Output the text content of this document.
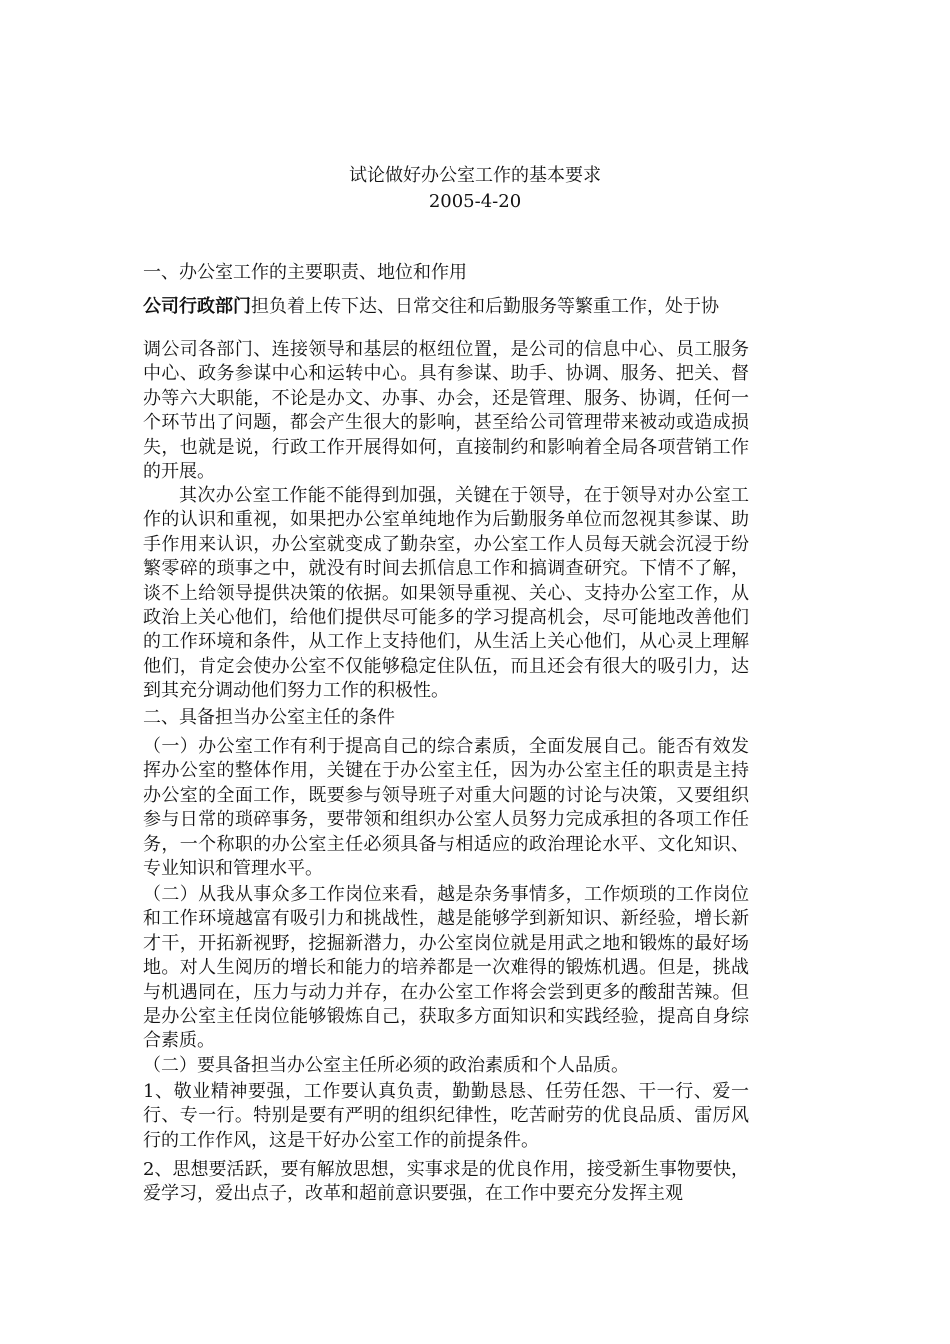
试论做好办公室工作的基本要求
2005-4-20

一、办公室工作的主要职责、地位和作用

公司行政部门担负着上传下达、日常交往和后勤服务等繁重工作，处于协

调公司各部门、连接领导和基层的枢纽位置，是公司的信息中心、员工服务中心、政务参谋中心和运转中心。具有参谋、助手、协调、服务、把关、督办等六大职能，不论是办文、办事、办会，还是管理、服务、协调，任何一个环节出了问题，都会产生很大的影响，甚至给公司管理带来被动或造成损失，也就是说，行政工作开展得如何，直接制约和影响着全局各项营销工作的开展。

其次办公室工作能不能得到加强，关键在于领导，在于领导对办公室工作的认识和重视，如果把办公室单纯地作为后勤服务单位而忽视其参谋、助手作用来认识，办公室就变成了勤杂室，办公室工作人员每天就会沉浸于纷繁零碎的琐事之中，就没有时间去抓信息工作和搞调查研究。下情不了解，谈不上给领导提供决策的依据。如果领导重视、关心、支持办公室工作，从政治上关心他们，给他们提供尽可能多的学习提高机会，尽可能地改善他们的工作环境和条件，从工作上支持他们，从生活上关心他们，从心灵上理解他们，肯定会使办公室不仅能够稳定住队伍，而且还会有很大的吸引力，达到其充分调动他们努力工作的积极性。

二、具备担当办公室主任的条件

（一）办公室工作有利于提高自己的综合素质，全面发展自己。能否有效发挥办公室的整体作用，关键在于办公室主任，因为办公室主任的职责是主持办公室的全面工作，既要参与领导班子对重大问题的讨论与决策，又要组织参与日常的琐碎事务，要带领和组织办公室人员努力完成承担的各项工作任务，一个称职的办公室主任必须具备与相适应的政治理论水平、文化知识、专业知识和管理水平。

（二）从我从事众多工作岗位来看，越是杂务事情多，工作烦琐的工作岗位和工作环境越富有吸引力和挑战性，越是能够学到新知识、新经验，增长新才干，开拓新视野，挖掘新潜力，办公室岗位就是用武之地和锻炼的最好场地。对人生阅历的增长和能力的培养都是一次难得的锻炼机遇。但是，挑战与机遇同在，压力与动力并存，在办公室工作将会尝到更多的酸甜苦辣。但是办公室主任岗位能够锻炼自己，获取多方面知识和实践经验，提高自身综合素质。

（二）要具备担当办公室主任所必须的政治素质和个人品质。

1、敬业精神要强，工作要认真负责，勤勤恳恳、任劳任怨、干一行、爱一行、专一行。特别是要有严明的组织纪律性，吃苦耐劳的优良品质、雷厉风行的工作作风，这是干好办公室工作的前提条件。

2、思想要活跃，要有解放思想，实事求是的优良作用，接受新生事物要快，爱学习，爱出点子，改革和超前意识要强，在工作中要充分发挥主观
